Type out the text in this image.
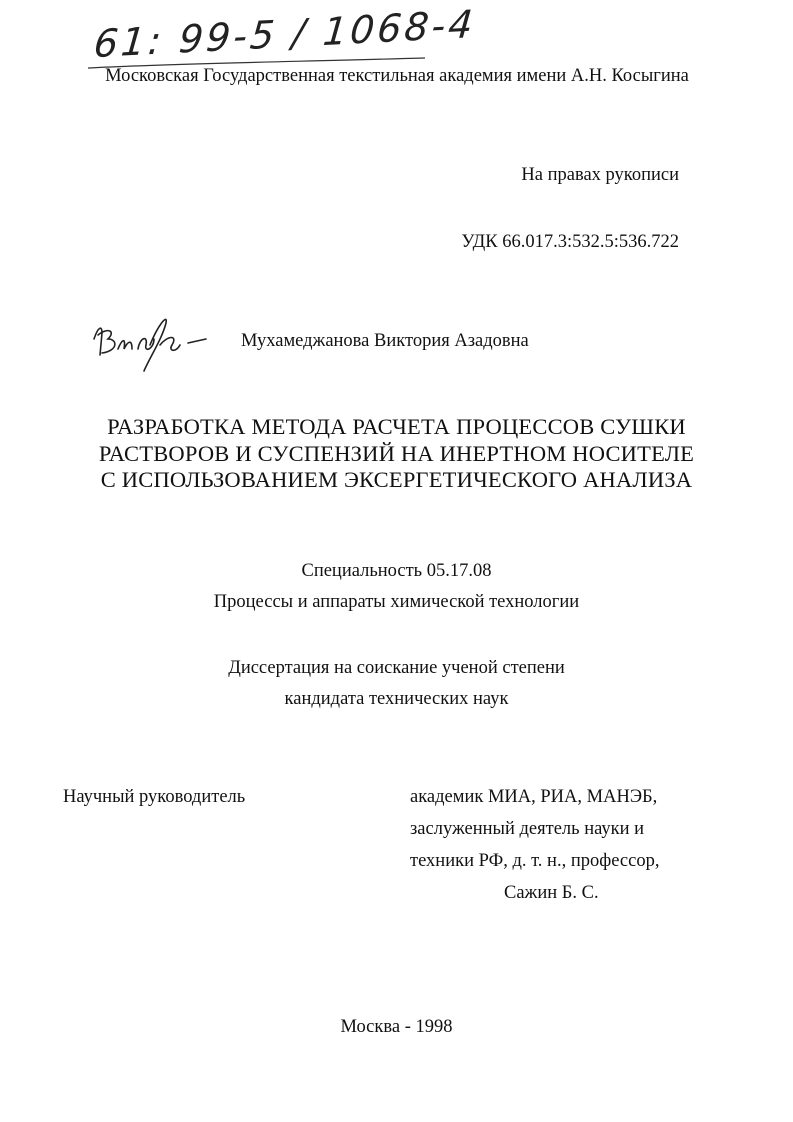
61: 99-5 / 1068-4
Московская Государственная текстильная академия имени А.Н. Косыгина
На правах рукописи
УДК 66.017.3:532.5:536.722
Мухамеджанова Виктория Азадовна
РАЗРАБОТКА МЕТОДА РАСЧЕТА ПРОЦЕССОВ СУШКИ
РАСТВОРОВ И СУСПЕНЗИЙ НА ИНЕРТНОМ НОСИТЕЛЕ
С ИСПОЛЬЗОВАНИЕМ ЭКСЕРГЕТИЧЕСКОГО АНАЛИЗА
Специальность 05.17.08
Процессы и аппараты химической технологии
Диссертация на соискание ученой степени
кандидата технических наук
Научный руководитель	академик МИА, РИА, МАНЭБ,
заслуженный деятель науки и
техники РФ, д. т. н., профессор,
Сажин Б. С.
Москва - 1998
